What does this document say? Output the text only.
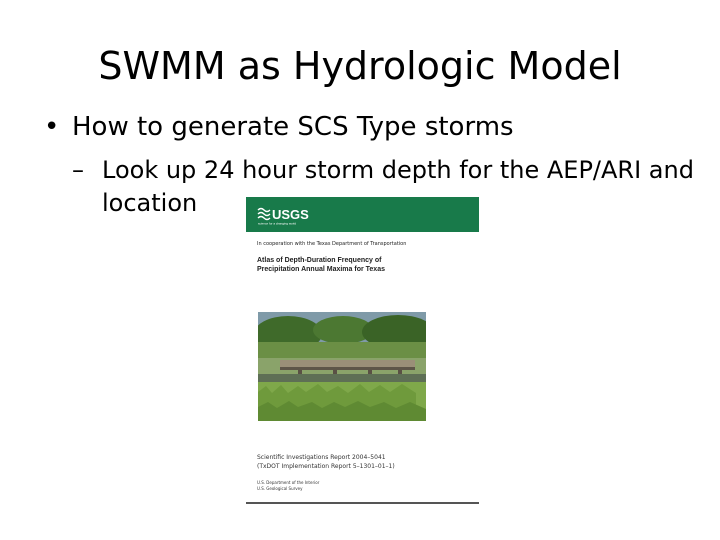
SWMM as Hydrologic Model
• How to generate SCS Type storms
– Look up 24 hour storm depth for the AEP/ARI and location	USGS
science for a changing world
In cooperation with the Texas Department of Transportation
Atlas of Depth-Duration Frequency of Precipitation Annual Maxima for Texas
Scientific Investigations Report 2004–5041
(TxDOT Implementation Report 5–1301–01–1)
U.S. Department of the Interior
U.S. Geological Survey
